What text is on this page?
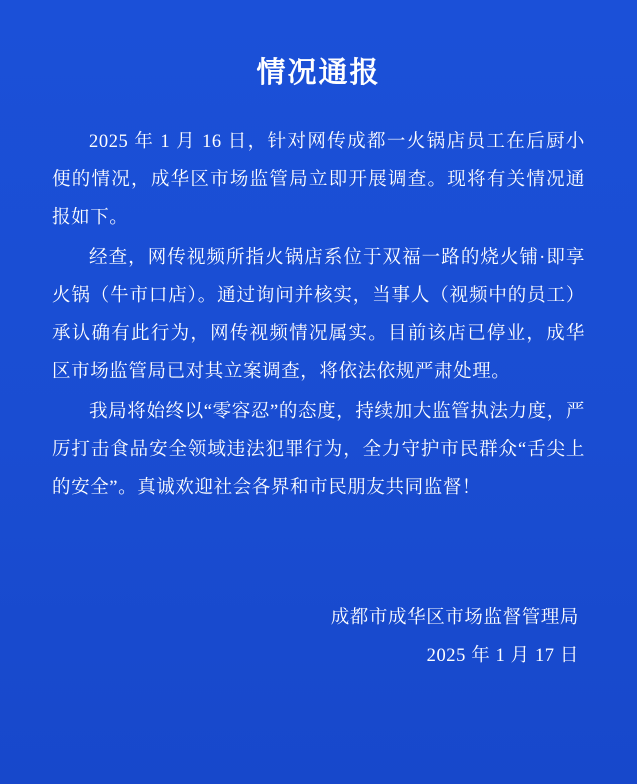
情况通报

2025 年 1 月 16 日，针对网传成都一火锅店员工在后厨小便的情况，成华区市场监管局立即开展调查。现将有关情况通报如下。

经查，网传视频所指火锅店系位于双福一路的烧火铺·即享火锅（牛市口店）。通过询问并核实，当事人（视频中的员工）承认确有此行为，网传视频情况属实。目前该店已停业，成华区市场监管局已对其立案调查，将依法依规严肃处理。

我局将始终以“零容忍”的态度，持续加大监管执法力度，严厉打击食品安全领域违法犯罪行为，全力守护市民群众“舌尖上的安全”。真诚欢迎社会各界和市民朋友共同监督！

成都市成华区市场监督管理局
2025 年 1 月 17 日
